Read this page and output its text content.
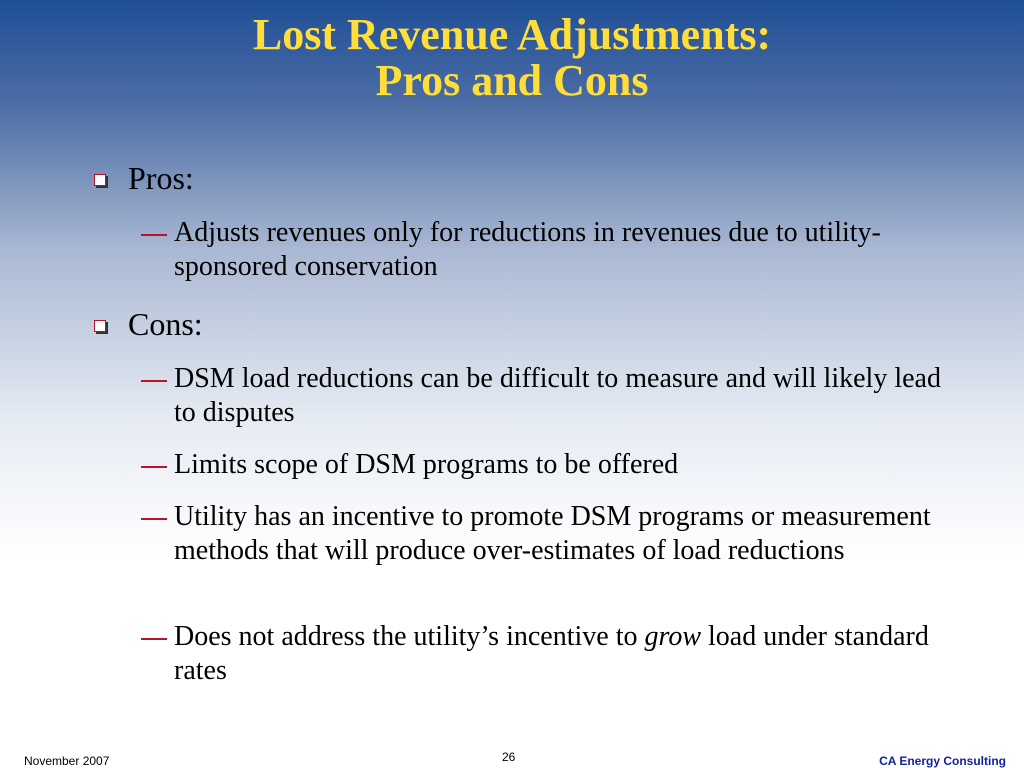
Lost Revenue Adjustments:
Pros and Cons
Pros:
Adjusts revenues only for reductions in revenues due to utility-sponsored conservation
Cons:
DSM load reductions can be difficult to measure and will likely lead to disputes
Limits scope of DSM programs to be offered
Utility has an incentive to promote DSM programs or measurement methods that will produce over-estimates of load reductions
Does not address the utility’s incentive to grow load under standard rates
November 2007	26	CA Energy Consulting
